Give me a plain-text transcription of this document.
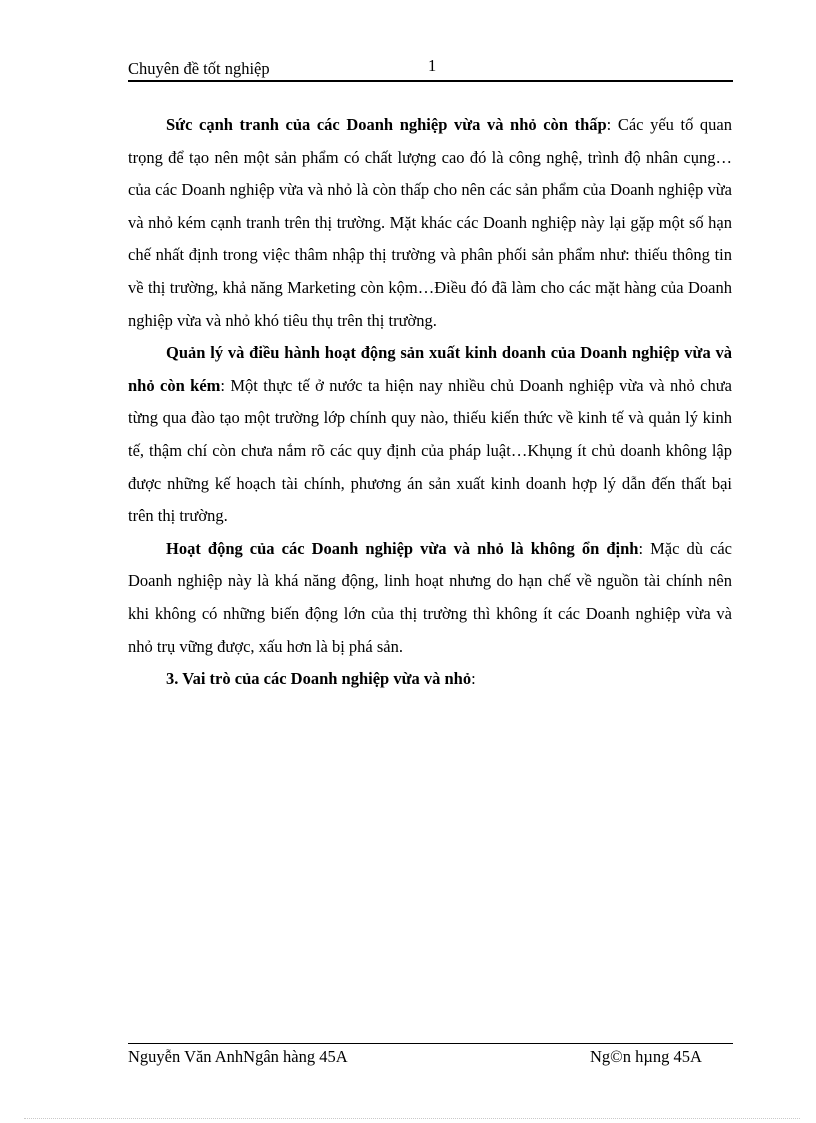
Chuyên đề tốt nghiệp	1

Sức cạnh tranh của các Doanh nghiệp vừa và nhỏ còn thấp: Các yếu tố quan trọng để tạo nên một sản phẩm có chất lượng cao đó là công nghệ, trình độ nhân cụng… của các Doanh nghiệp vừa và nhỏ là còn thấp cho nên các sản phẩm của Doanh nghiệp vừa và nhỏ kém cạnh tranh trên thị trường. Mặt khác các Doanh nghiệp này lại gặp một số hạn chế nhất định trong việc thâm nhập thị trường và phân phối sản phẩm như: thiếu thông tin về thị trường, khả năng Marketing còn kộm…Điều đó đã làm cho các mặt hàng của Doanh nghiệp vừa và nhỏ khó tiêu thụ trên thị trường.

Quản lý và điều hành hoạt động sản xuất kinh doanh của Doanh nghiệp vừa và nhỏ còn kém: Một thực tế ở nước ta hiện nay nhiều chủ Doanh nghiệp vừa và nhỏ chưa từng qua đào tạo một trường lớp chính quy nào, thiếu kiến thức về kinh tế và quản lý kinh tế, thậm chí còn chưa nắm rõ các quy định của pháp luật…Khụng ít chủ doanh không lập được những kế hoạch tài chính, phương án sản xuất kinh doanh hợp lý dẫn đến thất bại trên thị trường.

Hoạt động của các Doanh nghiệp vừa và nhỏ là không ổn định: Mặc dù các Doanh nghiệp này là khá năng động, linh hoạt nhưng do hạn chế về nguồn tài chính nên khi không có những biến động lớn của thị trường thì không ít các Doanh nghiệp vừa và nhỏ trụ vững được, xấu hơn là bị phá sản.

3. Vai trò của các Doanh nghiệp vừa và nhỏ:

Nguyễn Văn AnhNgân hàng 45A	Ng©n hµng 45A
